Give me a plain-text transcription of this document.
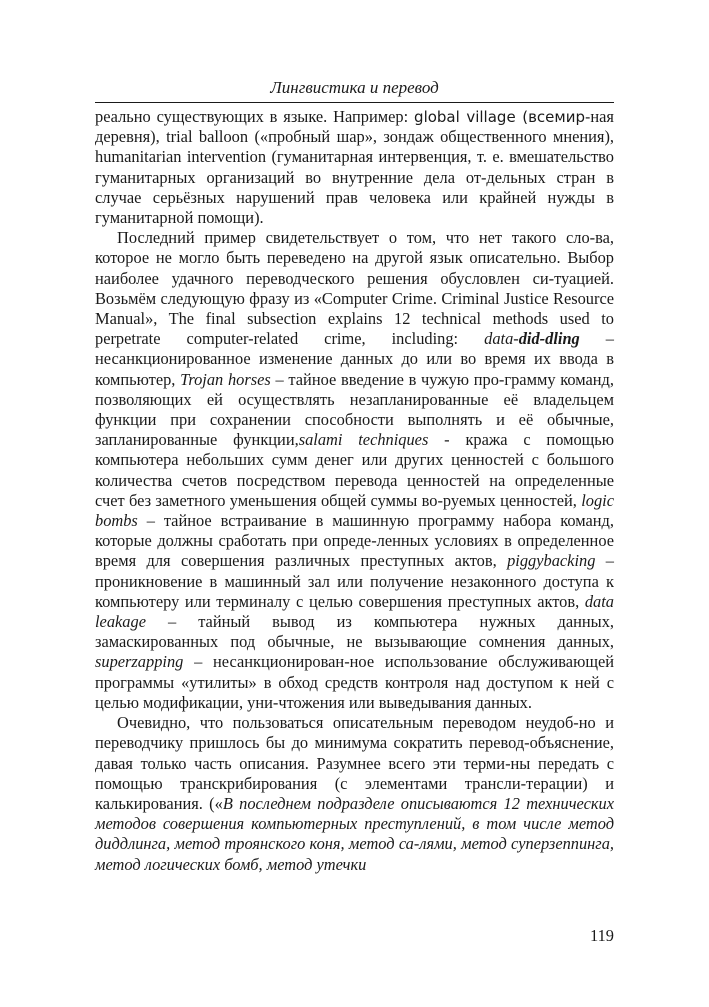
Лингвистика и перевод

реально существующих в языке. Например: global village (всемир-ная деревня), trial balloon («пробный шар», зондаж общественного мнения), humanitarian intervention (гуманитарная интервенция, т. е. вмешательство гуманитарных организаций во внутренние дела от-дельных стран в случае серьёзных нарушений прав человека или крайней нужды в гуманитарной помощи).

Последний пример свидетельствует о том, что нет такого сло-ва, которое не могло быть переведено на другой язык описательно. Выбор наиболее удачного переводческого решения обусловлен си-туацией. Возьмём следующую фразу из «Computer Crime. Criminal Justice Resource Manual», The final subsection explains 12 technical methods used to perpetrate computer-related crime, including: data-did-dling – несанкционированное изменение данных до или во время их ввода в компьютер, Trojan horses – тайное введение в чужую про-грамму команд, позволяющих ей осуществлять незапланированные её владельцем функции при сохранении способности выполнять и её обычные, запланированные функции,salami techniques - кража с помощью компьютера небольших сумм денег или других ценностей с большого количества счетов посредством перевода ценностей на определенные счет без заметного уменьшения общей суммы во-руемых ценностей, logic bombs – тайное встраивание в машинную программу набора команд, которые должны сработать при опреде-ленных условиях в определенное время для совершения различных преступных актов, piggybacking – проникновение в машинный зал или получение незаконного доступа к компьютеру или терминалу с целью совершения преступных актов, data leakage – тайный вывод из компьютера нужных данных, замаскированных под обычные, не вызывающие сомнения данных, superzapping – несанкционирован-ное использование обслуживающей программы «утилиты» в обход средств контроля над доступом к ней с целью модификации, уни-чтожения или выведывания данных.

Очевидно, что пользоваться описательным переводом неудоб-но и переводчику пришлось бы до минимума сократить перевод-объяснение, давая только часть описания. Разумнее всего эти терми-ны передать с помощью транскрибирования (с элементами трансли-терации) и калькирования. («В последнем подразделе описываются 12 технических методов совершения компьютерных преступлений, в том числе метод диддлинга, метод троянского коня, метод са-лями, метод суперзеппинга, метод логических бомб, метод утечки

119
